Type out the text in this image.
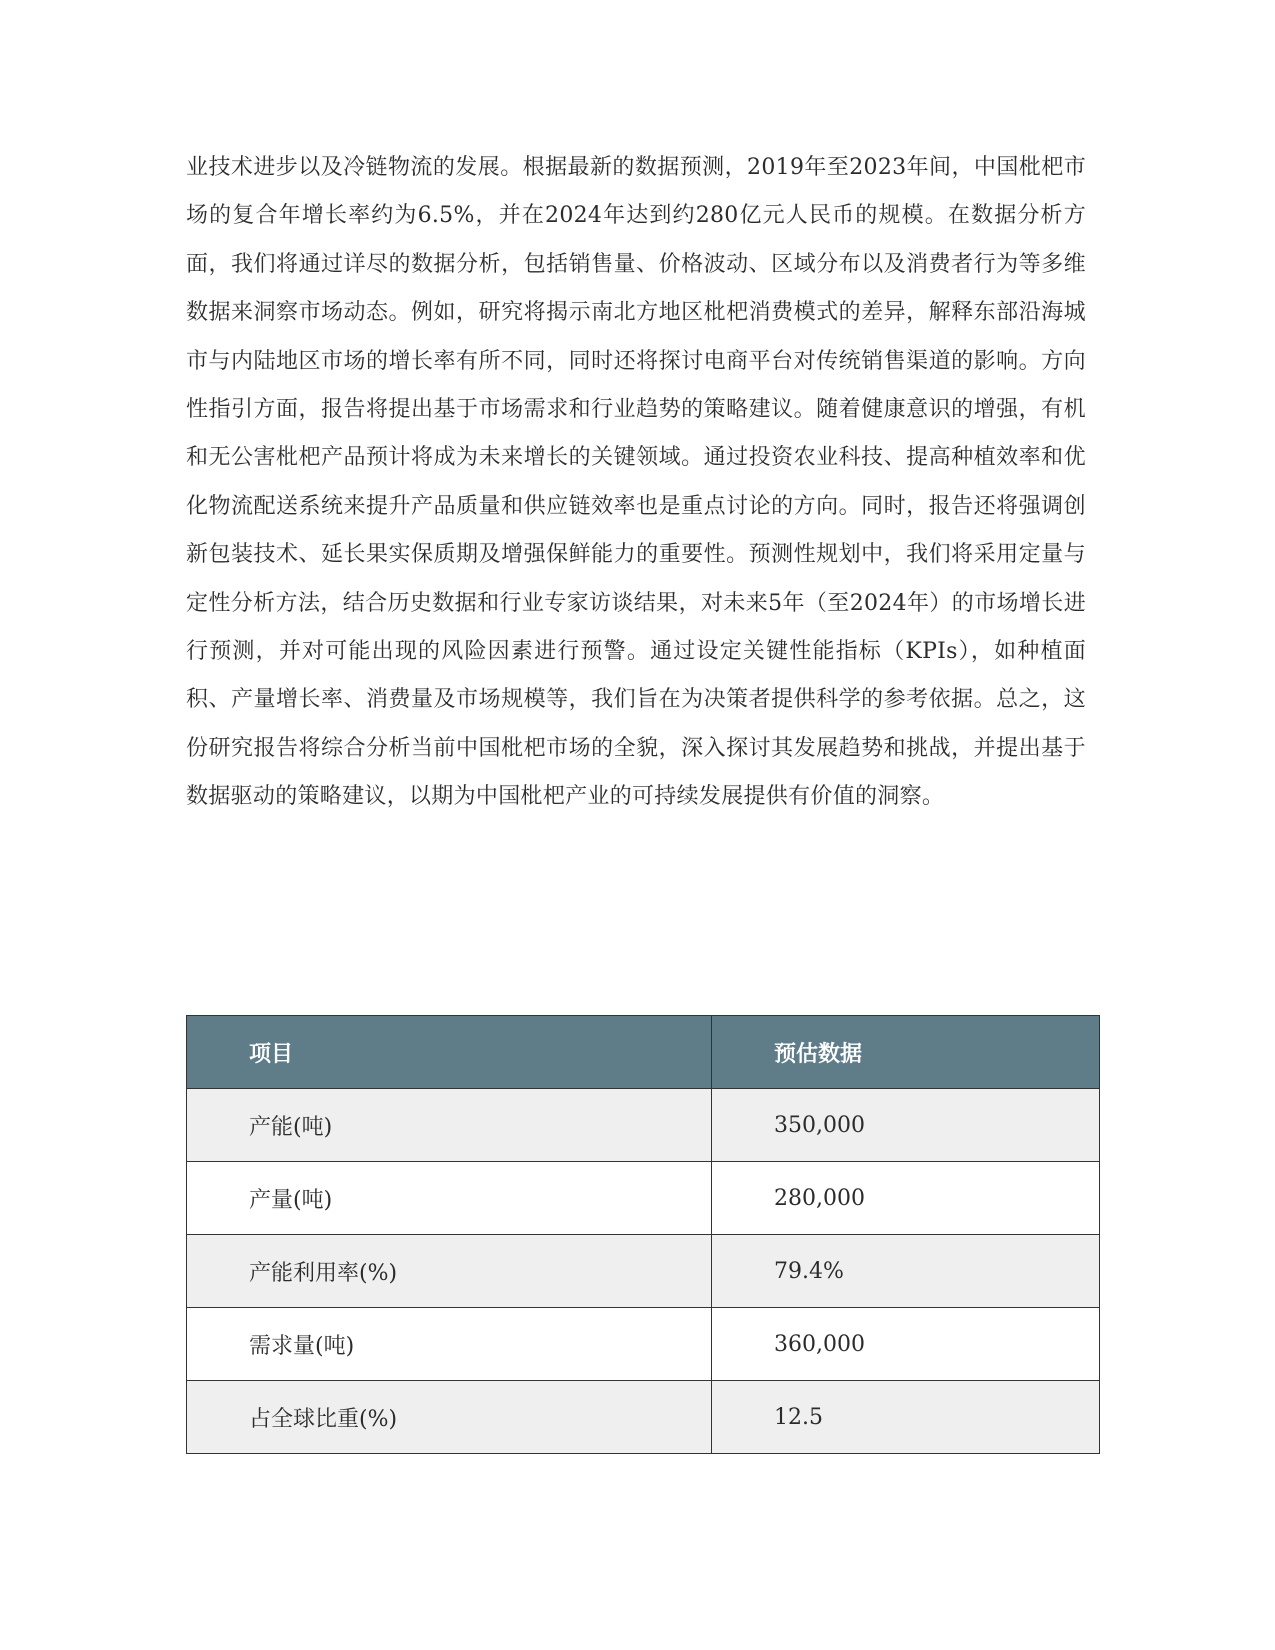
业技术进步以及冷链物流的发展。根据最新的数据预测，2019年至2023年间，中国枇杷市场的复合年增长率约为6.5%，并在2024年达到约280亿元人民币的规模。在数据分析方面，我们将通过详尽的数据分析，包括销售量、价格波动、区域分布以及消费者行为等多维数据来洞察市场动态。例如，研究将揭示南北方地区枇杷消费模式的差异，解释东部沿海城市与内陆地区市场的增长率有所不同，同时还将探讨电商平台对传统销售渠道的影响。方向性指引方面，报告将提出基于市场需求和行业趋势的策略建议。随着健康意识的增强，有机和无公害枇杷产品预计将成为未来增长的关键领域。通过投资农业科技、提高种植效率和优化物流配送系统来提升产品质量和供应链效率也是重点讨论的方向。同时，报告还将强调创新包装技术、延长果实保质期及增强保鲜能力的重要性。预测性规划中，我们将采用定量与定性分析方法，结合历史数据和行业专家访谈结果，对未来5年（至2024年）的市场增长进行预测，并对可能出现的风险因素进行预警。通过设定关键性能指标（KPIs），如种植面积、产量增长率、消费量及市场规模等，我们旨在为决策者提供科学的参考依据。总之，这份研究报告将综合分析当前中国枇杷市场的全貌，深入探讨其发展趋势和挑战，并提出基于数据驱动的策略建议，以期为中国枇杷产业的可持续发展提供有价值的洞察。

项目	预估数据
产能(吨)	350,000
产量(吨)	280,000
产能利用率(%)	79.4%
需求量(吨)	360,000
占全球比重(%)	12.5
